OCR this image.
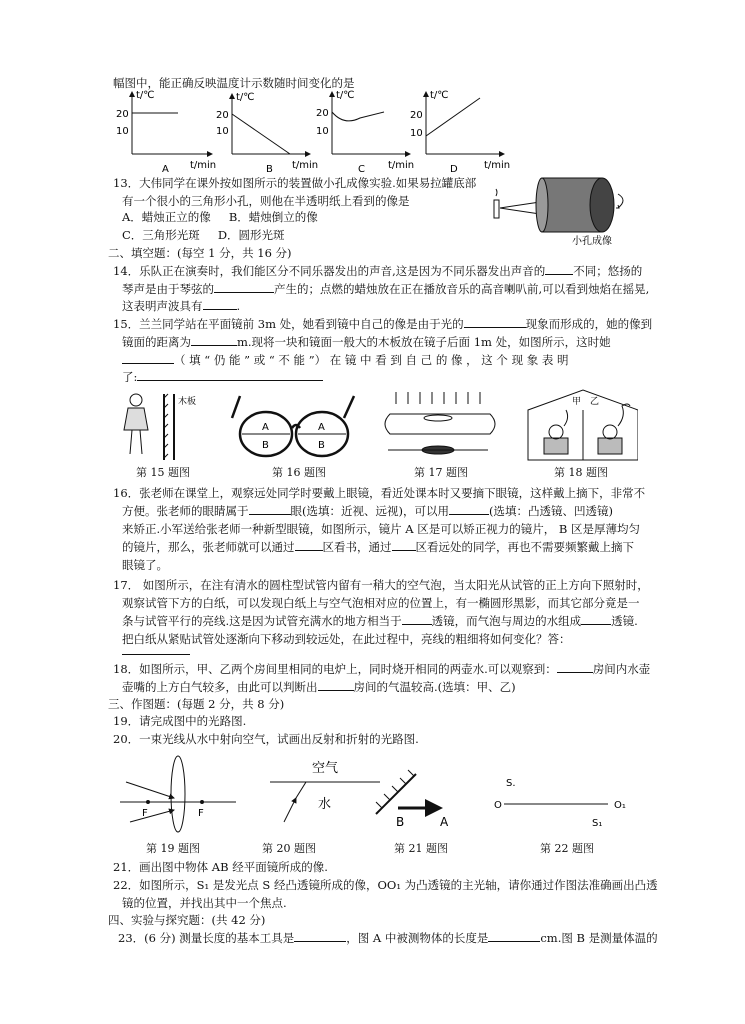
幅图中，能正确反映温度计示数随时间变化的是
t/℃
20
10
t/min
A
t/℃
20
10
t/min
B
t/℃
20
10
t/min
C
t/℃
20
10
t/min
D
13．大伟同学在课外按如图所示的装置做小孔成像实验.如果易拉罐底部
有一个很小的三角形小孔，则他在半透明纸上看到的像是
A．蜡烛正立的像 B．蜡烛倒立的像
C．三角形光斑 D．圆形光斑	小孔成像
二、填空题：(每空 1 分，共 16 分)
14．乐队正在演奏时，我们能区分不同乐器发出的声音,这是因为不同乐器发出声音的 不同；悠扬的
琴声是由于琴弦的	产生的；点燃的蜡烛放在正在播放音乐的高音喇叭前,可以看到烛焰在摇晃,
这表明声波具有	.
15．兰兰同学站在平面镜前 3m 处，她看到镜中自己的像是由于光的	现象而形成的，她的像到
镜面的距离为	m.现将一块和镜面一般大的木板放在镜子后面 1m 处，如图所示，这时她
（ 填 “ 仍 能 ” 或 “ 不 能 ”） 在 镜 中 看 到 自 己 的 像 ， 这 个 现 象 表 明
了:
木板
A
B
A
B
甲 乙
第 15 题图	第 16 题图	第 17 题图	第 18 题图
16．张老师在课堂上，观察远处同学时要戴上眼镜，看近处课本时又要摘下眼镜，这样戴上摘下，非常不
方便。张老师的眼睛属于	眼(选填：近视、远视)，可以用	(选填：凸透镜、凹透镜)
来矫正.小军送给张老师一种新型眼镜，如图所示，镜片 A 区是可以矫正视力的镜片， B 区是厚薄均匀
的镜片，那么，张老师就可以通过 区看书，通过 区看远处的同学，再也不需要频繁戴上摘下
眼镜了。
17． 如图所示，在注有清水的圆柱型试管内留有一稍大的空气泡，当太阳光从试管的正上方向下照射时，
观察试管下方的白纸，可以发现白纸上与空气泡相对应的位置上，有一椭圆形黑影，而其它部分竟是一
条与试管平行的亮线.这是因为试管充满水的地方相当于	透镜，而气泡与周边的水组成	透镜.
把白纸从紧贴试管处逐渐向下移动到较远处，在此过程中，亮线的粗细将如何变化？答：
18．如图所示，甲、乙两个房间里相同的电炉上，同时烧开相同的两壶水.可以观察到：	房间内水壶
壶嘴的上方白气较多，由此可以判断出	房间的气温较高.(选填：甲、乙)
三、作图题：(每题 2 分，共 8 分)
19．请完成图中的光路图.
20．一束光线从水中射向空气，试画出反射和折射的光路图.
F	F
空气
水
B	A
S.
O	O₁
S₁
第 19 题图	第 20 题图	第 21 题图	第 22 题图
21．画出图中物体 AB 经平面镜所成的像.
22．如图所示，S₁ 是发光点 S 经凸透镜所成的像，OO₁ 为凸透镜的主光轴，请你通过作图法准确画出凸透
镜的位置，并找出其中一个焦点.
四、实验与探究题：(共 42 分)
23．(6 分) 测量长度的基本工具是	，图 A 中被测物体的长度是	cm.图 B 是测量体温的
